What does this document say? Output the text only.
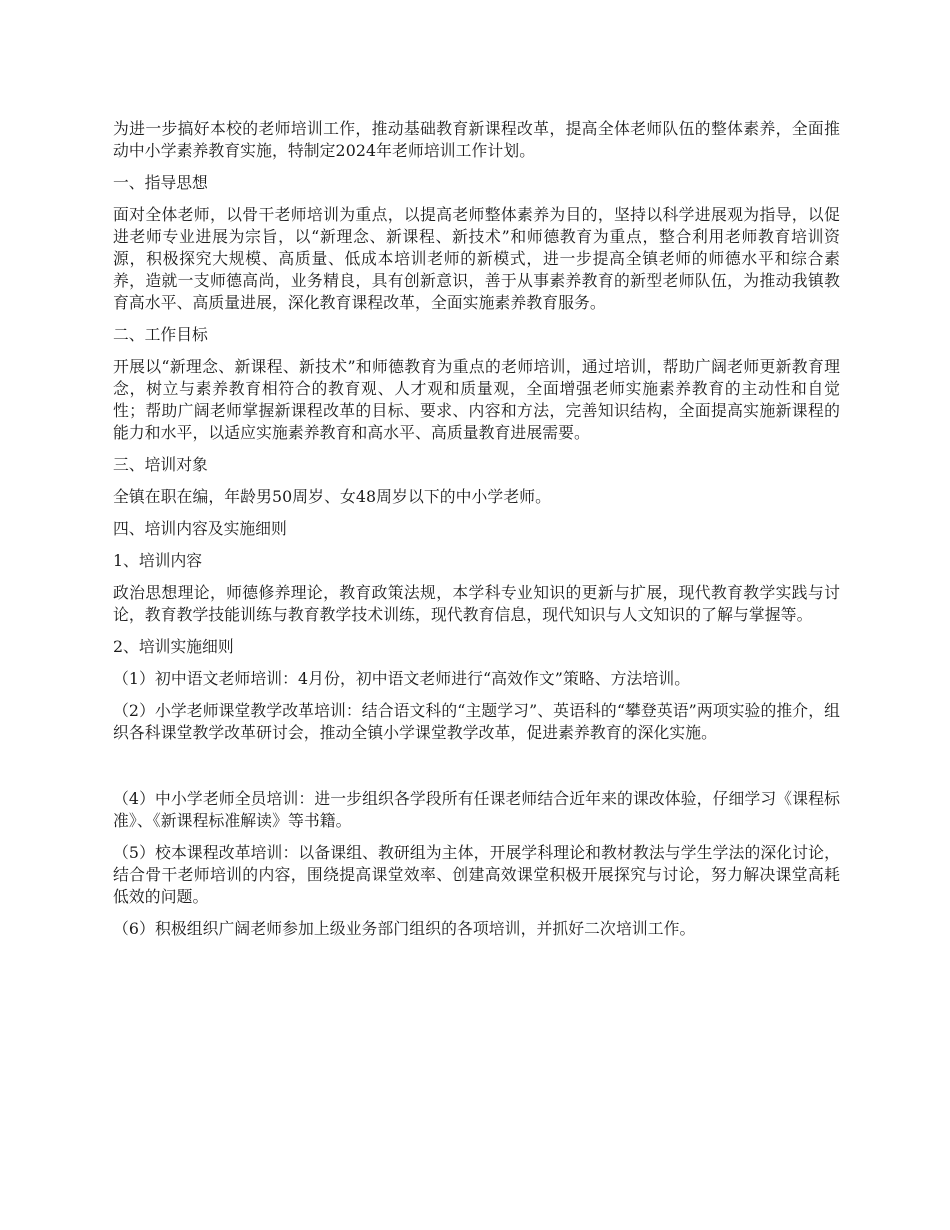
为进一步搞好本校的老师培训工作，推动基础教育新课程改革，提高全体老师队伍的整体素养，全面推动中小学素养教育实施，特制定2024年老师培训工作计划。

一、指导思想

面对全体老师，以骨干老师培训为重点，以提高老师整体素养为目的，坚持以科学进展观为指导，以促进老师专业进展为宗旨，以“新理念、新课程、新技术”和师德教育为重点，整合利用老师教育培训资源，积极探究大规模、高质量、低成本培训老师的新模式，进一步提高全镇老师的师德水平和综合素养，造就一支师德高尚，业务精良，具有创新意识，善于从事素养教育的新型老师队伍，为推动我镇教育高水平、高质量进展，深化教育课程改革，全面实施素养教育服务。

二、工作目标

开展以“新理念、新课程、新技术”和师德教育为重点的老师培训，通过培训，帮助广阔老师更新教育理念，树立与素养教育相符合的教育观、人才观和质量观，全面增强老师实施素养教育的主动性和自觉性；帮助广阔老师掌握新课程改革的目标、要求、内容和方法，完善知识结构，全面提高实施新课程的能力和水平，以适应实施素养教育和高水平、高质量教育进展需要。

三、培训对象

全镇在职在编，年龄男50周岁、女48周岁以下的中小学老师。

四、培训内容及实施细则

1、培训内容

政治思想理论，师德修养理论，教育政策法规，本学科专业知识的更新与扩展，现代教育教学实践与讨论，教育教学技能训练与教育教学技术训练，现代教育信息，现代知识与人文知识的了解与掌握等。

2、培训实施细则

（1）初中语文老师培训：4月份，初中语文老师进行“高效作文”策略、方法培训。

（2）小学老师课堂教学改革培训：结合语文科的“主题学习”、英语科的“攀登英语”两项实验的推介，组织各科课堂教学改革研讨会，推动全镇小学课堂教学改革，促进素养教育的深化实施。

（4）中小学老师全员培训：进一步组织各学段所有任课老师结合近年来的课改体验，仔细学习《课程标准》、《新课程标准解读》等书籍。

（5）校本课程改革培训：以备课组、教研组为主体，开展学科理论和教材教法与学生学法的深化讨论，结合骨干老师培训的内容，围绕提高课堂效率、创建高效课堂积极开展探究与讨论，努力解决课堂高耗低效的问题。

（6）积极组织广阔老师参加上级业务部门组织的各项培训，并抓好二次培训工作。
